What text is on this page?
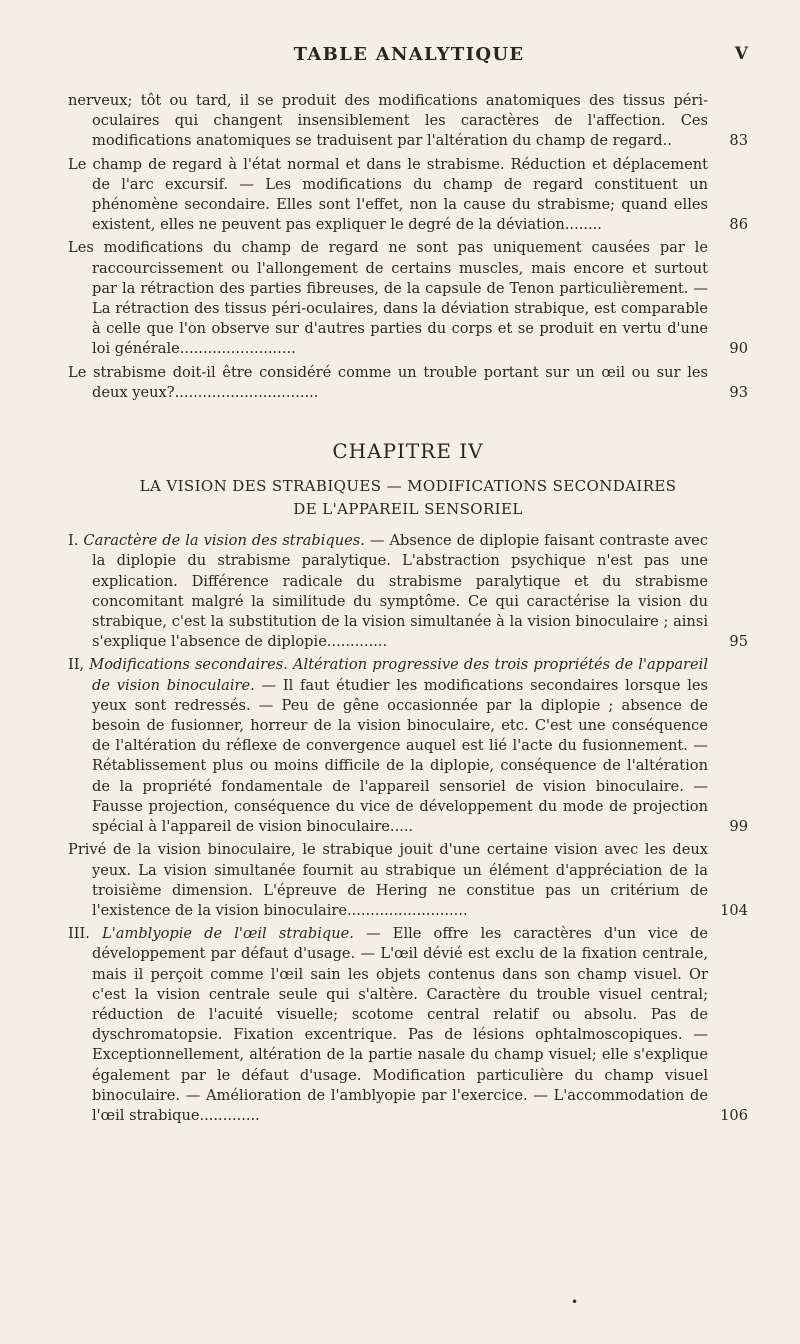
TABLE ANALYTIQUE	V

nerveux; tôt ou tard, il se produit des modifications anatomiques des tissus péri-oculaires qui changent insensiblement les caractères de l'affection. Ces modifications anatomiques se traduisent par l'altération du champ de regard..	83

Le champ de regard à l'état normal et dans le strabisme. Réduction et déplacement de l'arc excursif. — Les modifications du champ de regard constituent un phénomène secondaire. Elles sont l'effet, non la cause du strabisme; quand elles existent, elles ne peuvent pas expliquer le degré de la déviation........	86

Les modifications du champ de regard ne sont pas uniquement causées par le raccourcissement ou l'allongement de certains muscles, mais encore et surtout par la rétraction des parties fibreuses, de la capsule de Tenon particulièrement. — La rétraction des tissus péri-oculaires, dans la déviation strabique, est comparable à celle que l'on observe sur d'autres parties du corps et se produit en vertu d'une loi générale.........................	90

Le strabisme doit-il être considéré comme un trouble portant sur un œil ou sur les deux yeux?...............................	93

CHAPITRE IV
LA VISION DES STRABIQUES — MODIFICATIONS SECONDAIRES
DE L'APPAREIL SENSORIEL

I. Caractère de la vision des strabiques. — Absence de diplopie faisant contraste avec la diplopie du strabisme paralytique. L'abstraction psychique n'est pas une explication. Différence radicale du strabisme paralytique et du strabisme concomitant malgré la similitude du symptôme. Ce qui caractérise la vision du strabique, c'est la substitution de la vision simultanée à la vision binoculaire ; ainsi s'explique l'absence de diplopie.............	95

II, Modifications secondaires. Altération progressive des trois propriétés de l'appareil de vision binoculaire. — Il faut étudier les modifications secondaires lorsque les yeux sont redressés. — Peu de gêne occasionnée par la diplopie ; absence de besoin de fusionner, horreur de la vision binoculaire, etc. C'est une conséquence de l'altération du réflexe de convergence auquel est lié l'acte du fusionnement. — Rétablissement plus ou moins difficile de la diplopie, conséquence de l'altération de la propriété fondamentale de l'appareil sensoriel de vision binoculaire. — Fausse projection, conséquence du vice de développement du mode de projection spécial à l'appareil de vision binoculaire.....	99

Privé de la vision binoculaire, le strabique jouit d'une certaine vision avec les deux yeux. La vision simultanée fournit au strabique un élément d'appréciation de la troisième dimension. L'épreuve de Hering ne constitue pas un critérium de l'existence de la vision binoculaire..........................	104

III. L'amblyopie de l'œil strabique. — Elle offre les caractères d'un vice de développement par défaut d'usage. — L'œil dévié est exclu de la fixation centrale, mais il perçoit comme l'œil sain les objets contenus dans son champ visuel. Or c'est la vision centrale seule qui s'altère. Caractère du trouble visuel central; réduction de l'acuité visuelle; scotome central relatif ou absolu. Pas de dyschromatopsie. Fixation excentrique. Pas de lésions ophtalmoscopiques. — Exceptionnellement, altération de la partie nasale du champ visuel; elle s'explique également par le défaut d'usage. Modification particulière du champ visuel binoculaire. — Amélioration de l'amblyopie par l'exercice. — L'accommodation de l'œil strabique.............	106

•
